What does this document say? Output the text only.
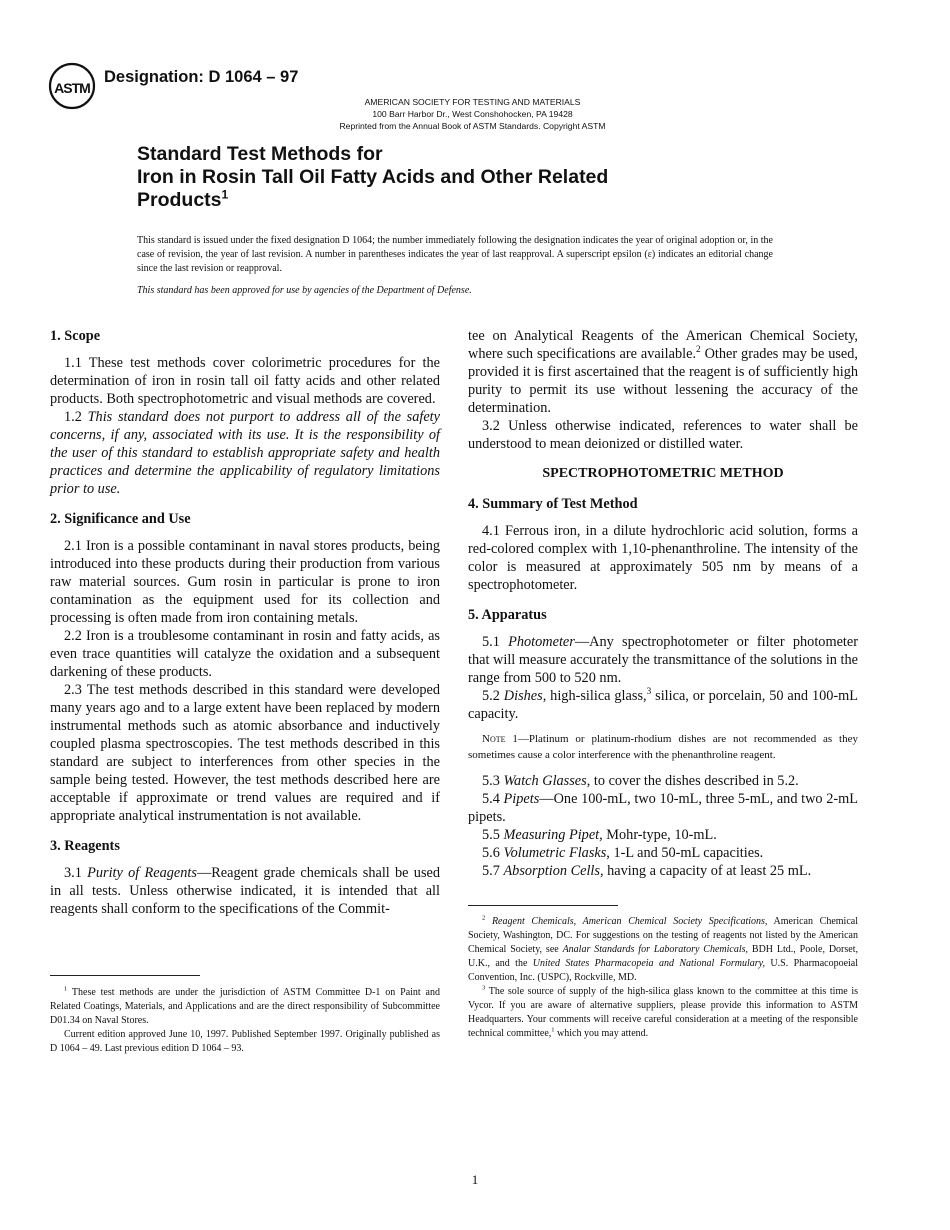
ASTM
Designation: D 1064 – 97
AMERICAN SOCIETY FOR TESTING AND MATERIALS
100 Barr Harbor Dr., West Conshohocken, PA 19428
Reprinted from the Annual Book of ASTM Standards. Copyright ASTM
Standard Test Methods for
Iron in Rosin Tall Oil Fatty Acids and Other Related
Products$^1$
This standard is issued under the fixed designation D 1064; the number immediately following the designation indicates the year of original adoption or, in the case of revision, the year of last revision. A number in parentheses indicates the year of last reapproval. A superscript epsilon (ε) indicates an editorial change since the last revision or reapproval.
This standard has been approved for use by agencies of the Department of Defense.
1. Scope

1.1 These test methods cover colorimetric procedures for the determination of iron in rosin tall oil fatty acids and other related products. Both spectrophotometric and visual methods are covered.

1.2 This standard does not purport to address all of the safety concerns, if any, associated with its use. It is the responsibility of the user of this standard to establish appropriate safety and health practices and determine the applicability of regulatory limitations prior to use.

2. Significance and Use

2.1 Iron is a possible contaminant in naval stores products, being introduced into these products during their production from various raw material sources. Gum rosin in particular is prone to iron contamination as the equipment used for its collection and processing is often made from iron containing metals.

2.2 Iron is a troublesome contaminant in rosin and fatty acids, as even trace quantities will catalyze the oxidation and a subsequent darkening of these products.

2.3 The test methods described in this standard were developed many years ago and to a large extent have been replaced by modern instrumental methods such as atomic absorbance and inductively coupled plasma spectroscopies. The test methods described in this standard are subject to interferences from other species in the sample being tested. However, the test methods described here are acceptable if approximate or trend values are required and if appropriate analytical instrumentation is not available.

3. Reagents

3.1 Purity of Reagents—Reagent grade chemicals shall be used in all tests. Unless otherwise indicated, it is intended that all reagents shall conform to the specifications of the Commit-

$^1$ These test methods are under the jurisdiction of ASTM Committee D-1 on Paint and Related Coatings, Materials, and Applications and are the direct responsibility of Subcommittee D01.34 on Naval Stores.

Current edition approved June 10, 1997. Published September 1997. Originally published as D 1064 – 49. Last previous edition D 1064 – 93.

tee on Analytical Reagents of the American Chemical Society, where such specifications are available.$^2$ Other grades may be used, provided it is first ascertained that the reagent is of sufficiently high purity to permit its use without lessening the accuracy of the determination.

3.2 Unless otherwise indicated, references to water shall be understood to mean deionized or distilled water.

SPECTROPHOTOMETRIC METHOD
4. Summary of Test Method

4.1 Ferrous iron, in a dilute hydrochloric acid solution, forms a red-colored complex with 1,10-phenanthroline. The intensity of the color is measured at approximately 505 nm by means of a spectrophotometer.

5. Apparatus

5.1 Photometer—Any spectrophotometer or filter photometer that will measure accurately the transmittance of the solutions in the range from 500 to 520 nm.

5.2 Dishes, high-silica glass,$^3$ silica, or porcelain, 50 and 100-mL capacity.

Note 1—Platinum or platinum-rhodium dishes are not recommended as they sometimes cause a color interference with the phenanthroline reagent.

5.3 Watch Glasses, to cover the dishes described in 5.2.

5.4 Pipets—One 100-mL, two 10-mL, three 5-mL, and two 2-mL pipets.

5.5 Measuring Pipet, Mohr-type, 10-mL.

5.6 Volumetric Flasks, 1-L and 50-mL capacities.

5.7 Absorption Cells, having a capacity of at least 25 mL.

$^2$ Reagent Chemicals, American Chemical Society Specifications, American Chemical Society, Washington, DC. For suggestions on the testing of reagents not listed by the American Chemical Society, see Analar Standards for Laboratory Chemicals, BDH Ltd., Poole, Dorset, U.K., and the United States Pharmacopeia and National Formulary, U.S. Pharmacopoeial Convention, Inc. (USPC), Rockville, MD.

$^3$ The sole source of supply of the high-silica glass known to the committee at this time is Vycor. If you are aware of alternative suppliers, please provide this information to ASTM Headquarters. Your comments will receive careful consideration at a meeting of the responsible technical committee,$^1$ which you may attend.

1
